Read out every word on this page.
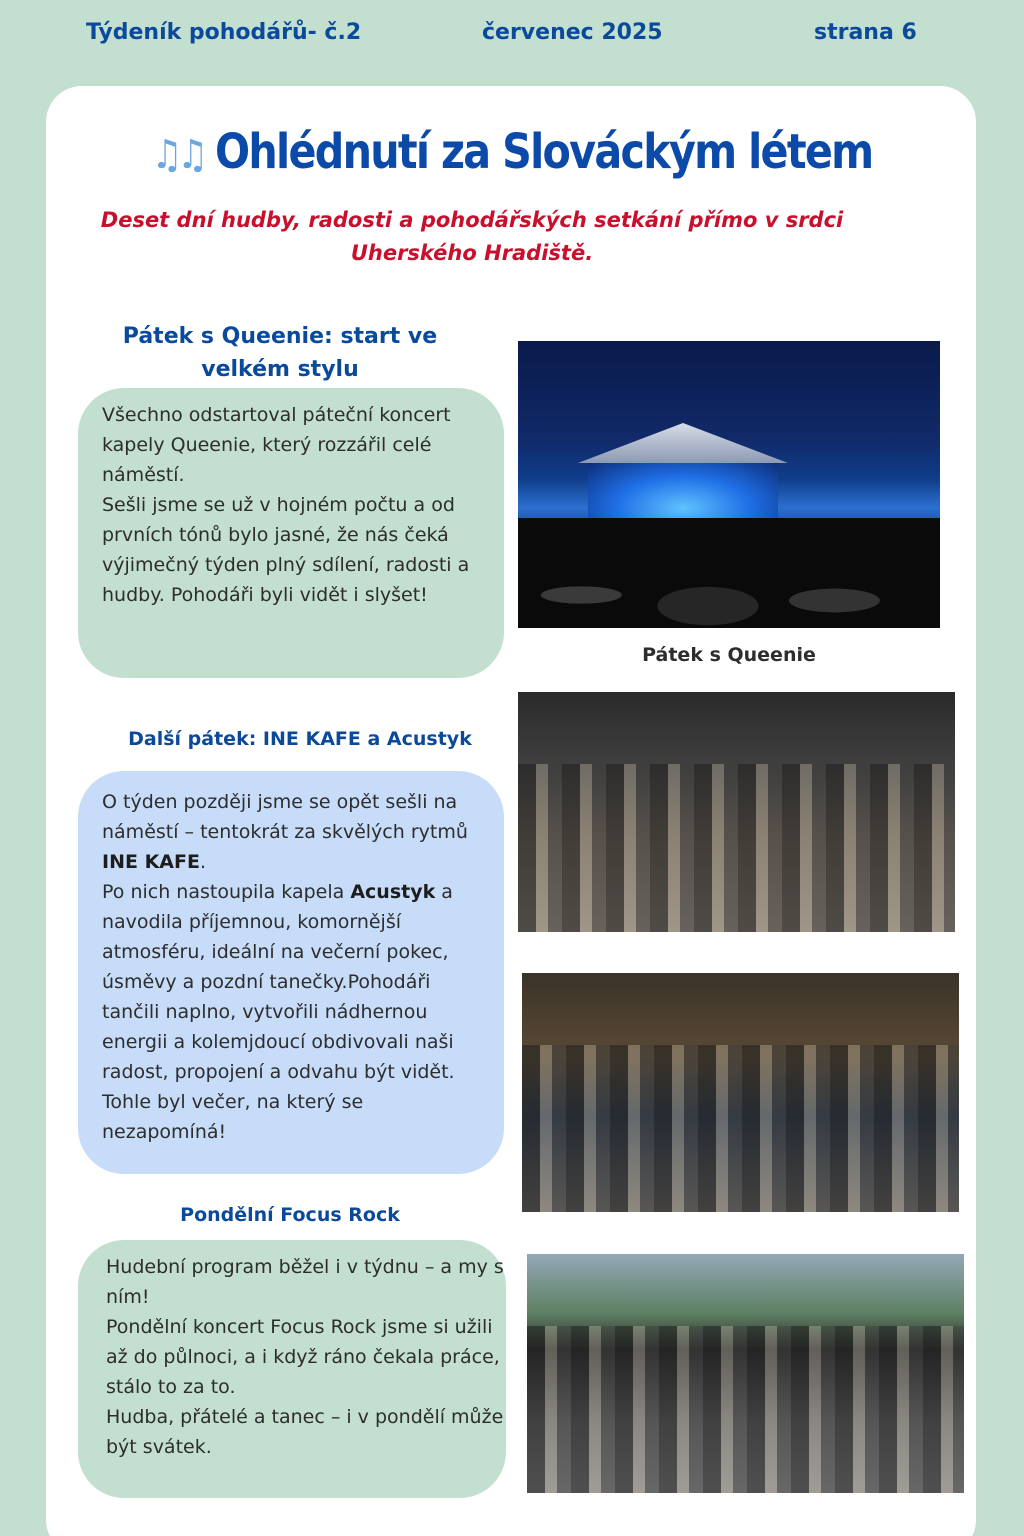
Týdeník pohodářů- č.2	červenec 2025	strana 6
♫♫ Ohlédnutí za Slováckým létem
Deset dní hudby, radosti a pohodářských setkání přímo v srdci Uherského Hradiště.
Pátek s Queenie: start ve velkém stylu

Všechno odstartoval páteční koncert kapely Queenie, který rozzářil celé náměstí.
Sešli jsme se už v hojném počtu a od prvních tónů bylo jasné, že nás čeká výjimečný týden plný sdílení, radosti a hudby. Pohodáři byli vidět i slyšet!

Pátek s Queenie
Další pátek: INE KAFE a Acustyk

O týden později jsme se opět sešli na náměstí – tentokrát za skvělých rytmů INE KAFE.
Po nich nastoupila kapela Acustyk a navodila příjemnou, komornější atmosféru, ideální na večerní pokec, úsměvy a pozdní tanečky.Pohodáři tančili naplno, vytvořili nádhernou energii a kolemjdoucí obdivovali naši radost, propojení a odvahu být vidět. Tohle byl večer, na který se nezapomíná!

Pondělní Focus Rock

Hudební program běžel i v týdnu – a my s ním!
Pondělní koncert Focus Rock jsme si užili až do půlnoci, a i když ráno čekala práce, stálo to za to.
Hudba, přátelé a tanec – i v pondělí může být svátek.
